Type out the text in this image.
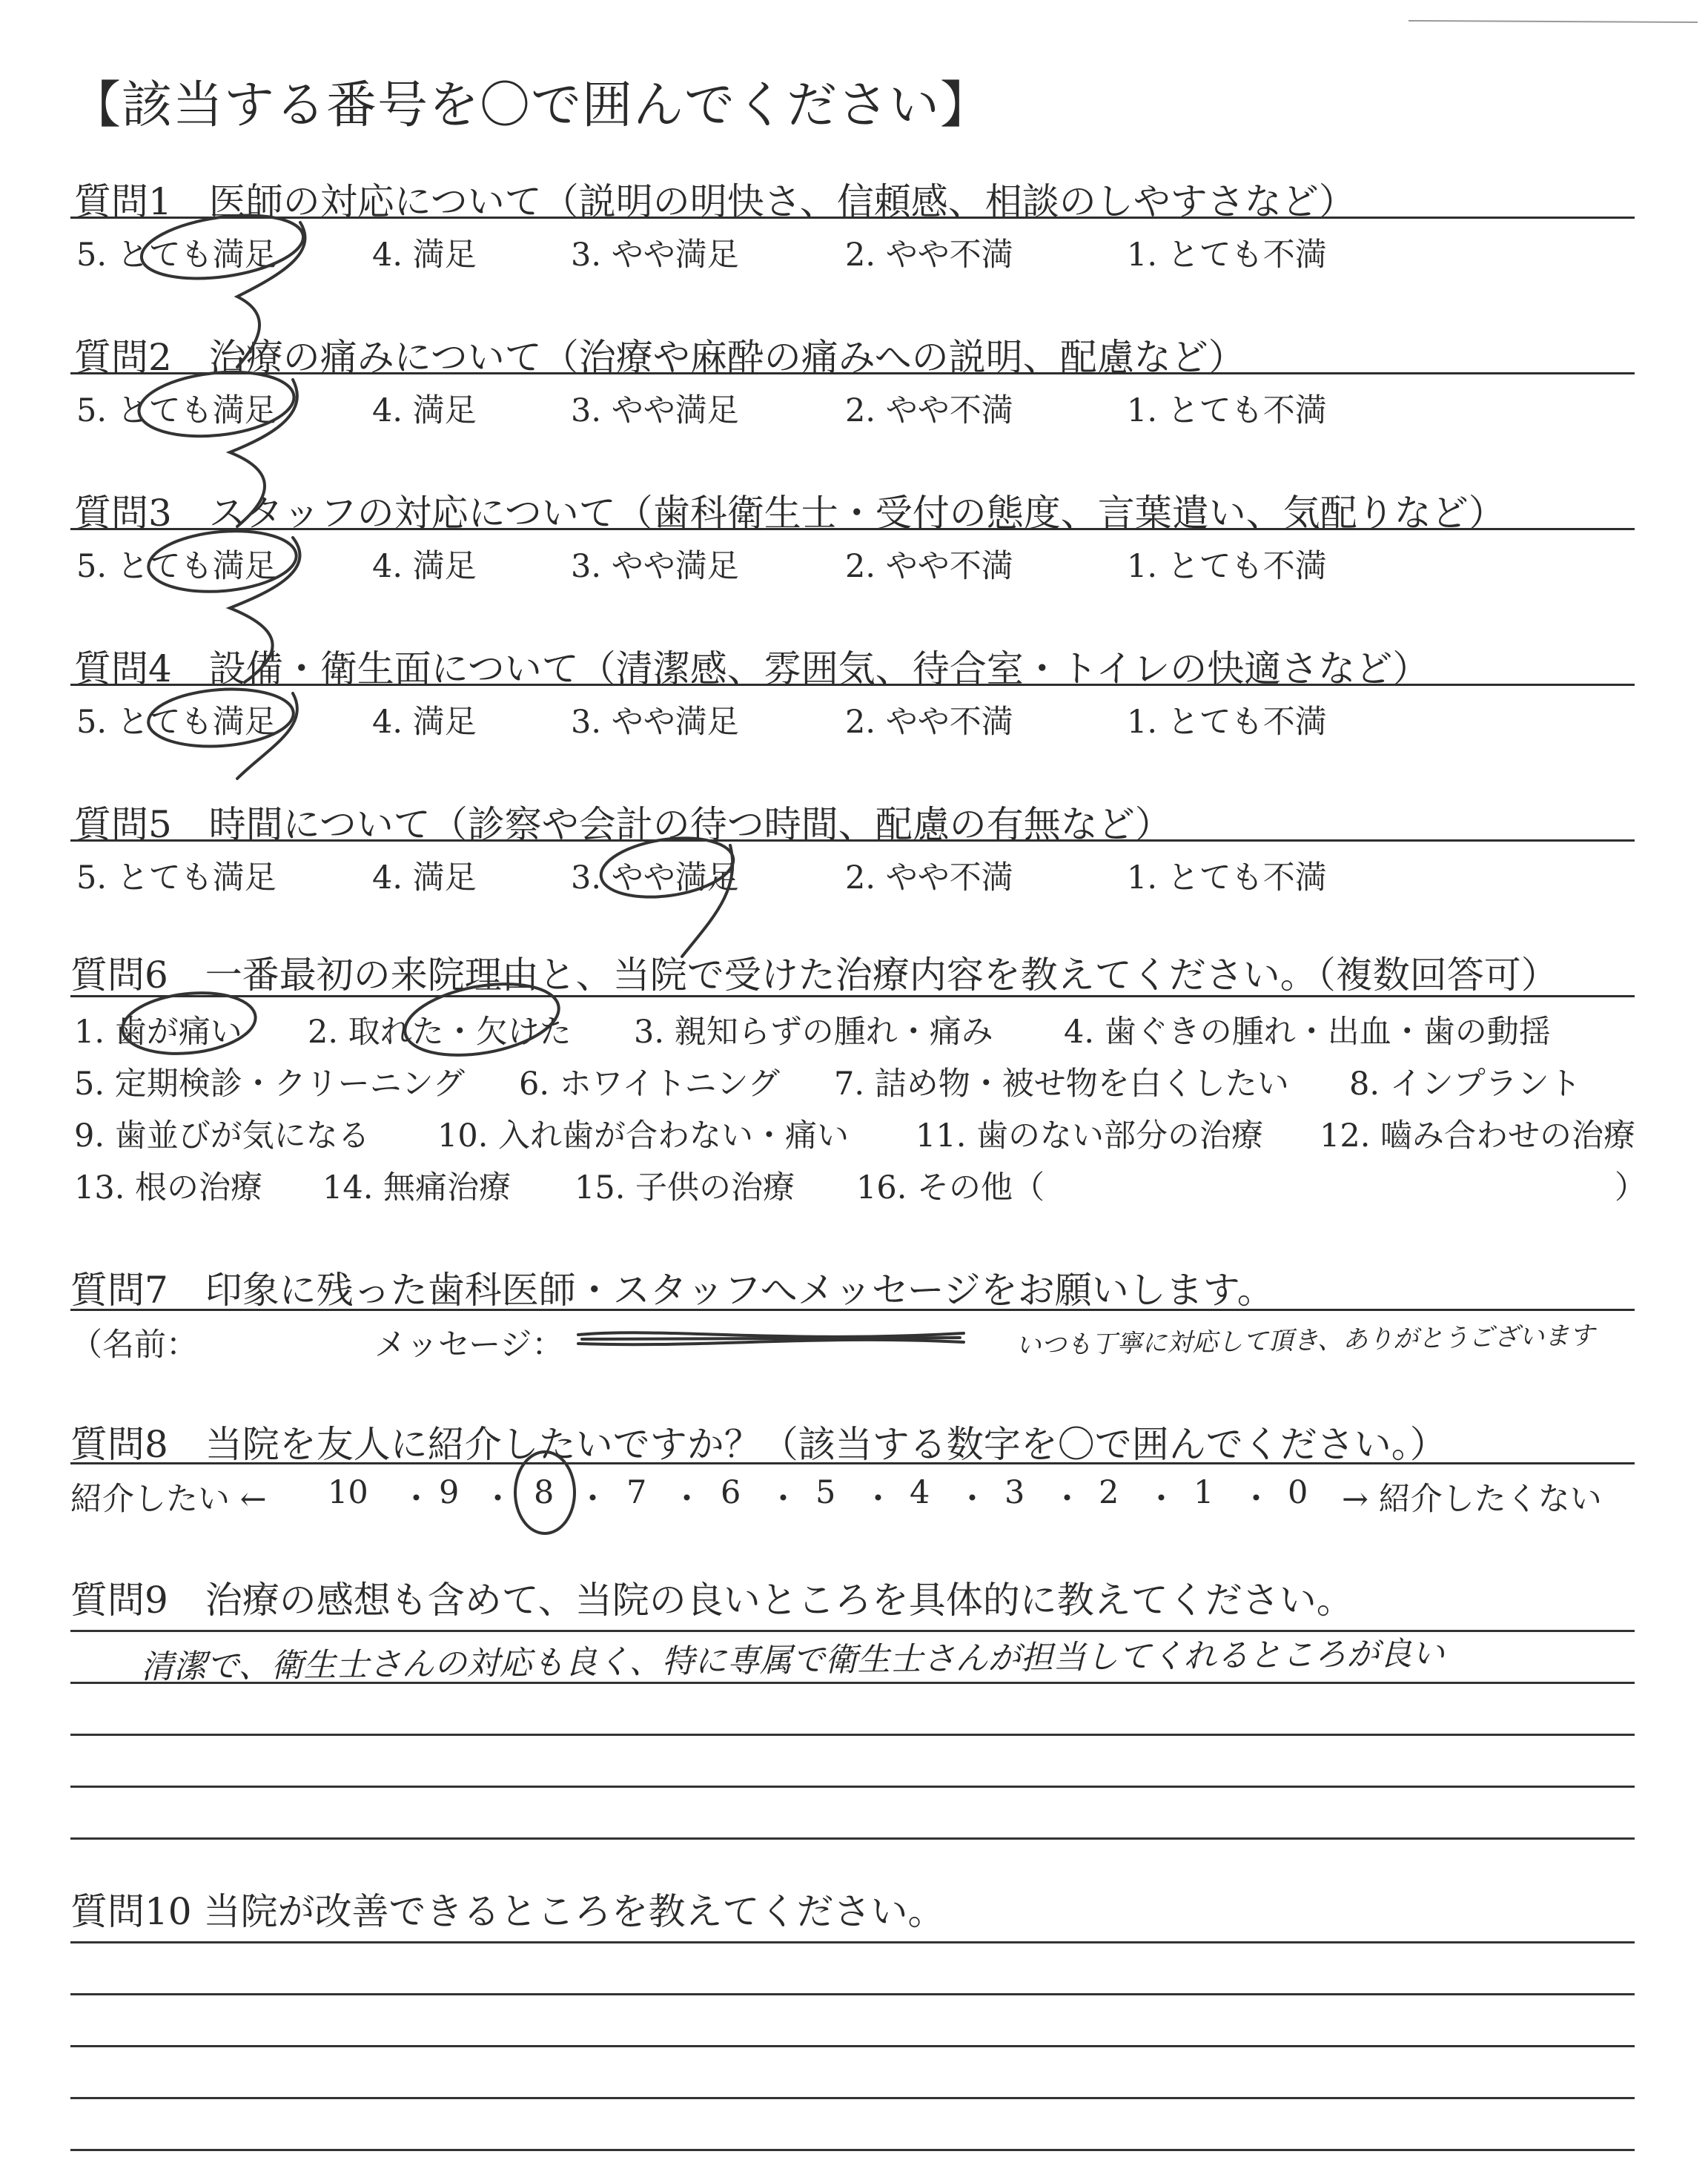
【該当する番号を〇で囲んでください】
質問1　医師の対応について（説明の明快さ、信頼感、相談のしやすさなど）
5. とても満足	4. 満足	3. やや満足	2. やや不満	1. とても不満
質問2　治療の痛みについて（治療や麻酔の痛みへの説明、配慮など）
5. とても満足	4. 満足	3. やや満足	2. やや不満	1. とても不満
質問3　スタッフの対応について（歯科衛生士・受付の態度、言葉遣い、気配りなど）
5. とても満足	4. 満足	3. やや満足	2. やや不満	1. とても不満
質問4　設備・衛生面について（清潔感、雰囲気、待合室・トイレの快適さなど）
5. とても満足	4. 満足	3. やや満足	2. やや不満	1. とても不満
質問5　時間について（診察や会計の待つ時間、配慮の有無など）
5. とても満足	4. 満足	3. やや満足	2. やや不満	1. とても不満
質問6　一番最初の来院理由と、当院で受けた治療内容を教えてください。（複数回答可）
1. 歯が痛い 2. 取れた・欠けた 3. 親知らずの腫れ・痛み 4. 歯ぐきの腫れ・出血・歯の動揺
5. 定期検診・クリーニング 6. ホワイトニング 7. 詰め物・被せ物を白くしたい 8. インプラント
9. 歯並びが気になる 10. 入れ歯が合わない・痛い 11. 歯のない部分の治療 12. 嚙み合わせの治療
13. 根の治療 14. 無痛治療 15. 子供の治療 16. その他（	）
質問7　印象に残った歯科医師・スタッフへメッセージをお願いします。
（名前：	メッセージ：	いつも丁寧に対応して頂き、ありがとうございます
質問8　当院を友人に紹介したいですか？（該当する数字を〇で囲んでください。）
紹介したい ← 10 ・ 9 ・ 8 ・ 7 ・ 6 ・ 5 ・ 4 ・ 3 ・ 2 ・ 1 ・ 0 → 紹介したくない
質問9　治療の感想も含めて、当院の良いところを具体的に教えてください。
清潔で、衛生士さんの対応も良く、特に専属で衛生士さんが担当してくれるところが良い
質問10 当院が改善できるところを教えてください。
